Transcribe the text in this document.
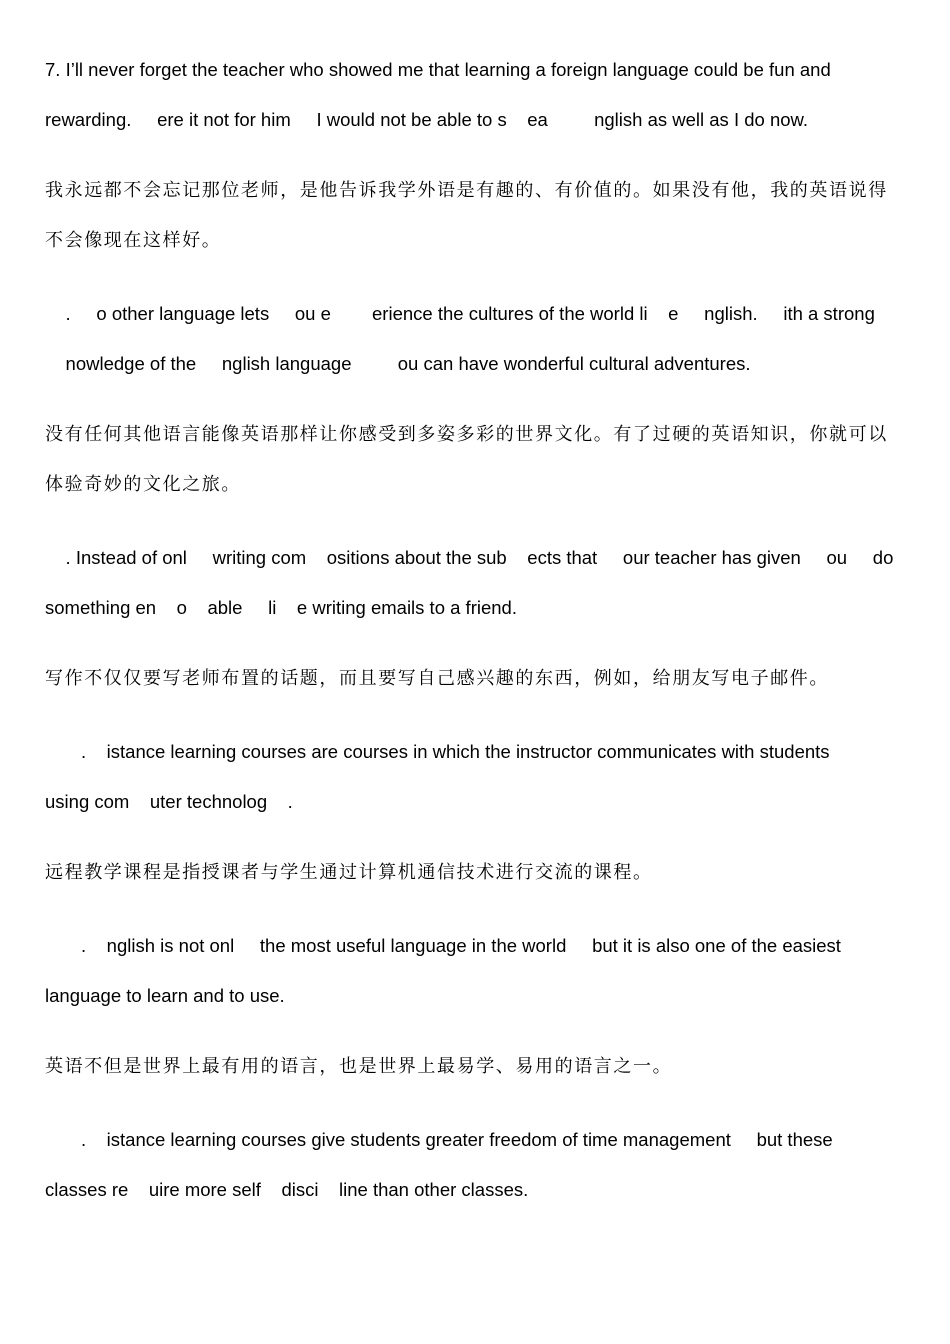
7. I’ll never forget the teacher who showed me that learning a foreign language could be fun and
rewarding.     ere it not for him     I would not be able to s    ea         nglish as well as I do now.
我永远都不会忘记那位老师，是他告诉我学外语是有趣的、有价值的。如果没有他，我的英语说得
不会像现在这样好。
.     o other language lets     ou e        erience the cultures of the world li    e     nglish.     ith a strong
nowledge of the     nglish language         ou can have wonderful cultural adventures.
没有任何其他语言能像英语那样让你感受到多姿多彩的世界文化。有了过硬的英语知识，你就可以
体验奇妙的文化之旅。
. Instead of onl     writing com    ositions about the sub    ects that     our teacher has given     ou     do
something en    o    able     li    e writing emails to a friend.
写作不仅仅要写老师布置的话题，而且要写自己感兴趣的东西，例如，给朋友写电子邮件。
.    istance learning courses are courses in which the instructor communicates with students
using com    uter technolog    .
远程教学课程是指授课者与学生通过计算机通信技术进行交流的课程。
.    nglish is not onl     the most useful language in the world     but it is also one of the easiest
language to learn and to use.
英语不但是世界上最有用的语言，也是世界上最易学、易用的语言之一。
.    istance learning courses give students greater freedom of time management     but these
classes re    uire more self    disci    line than other classes.
